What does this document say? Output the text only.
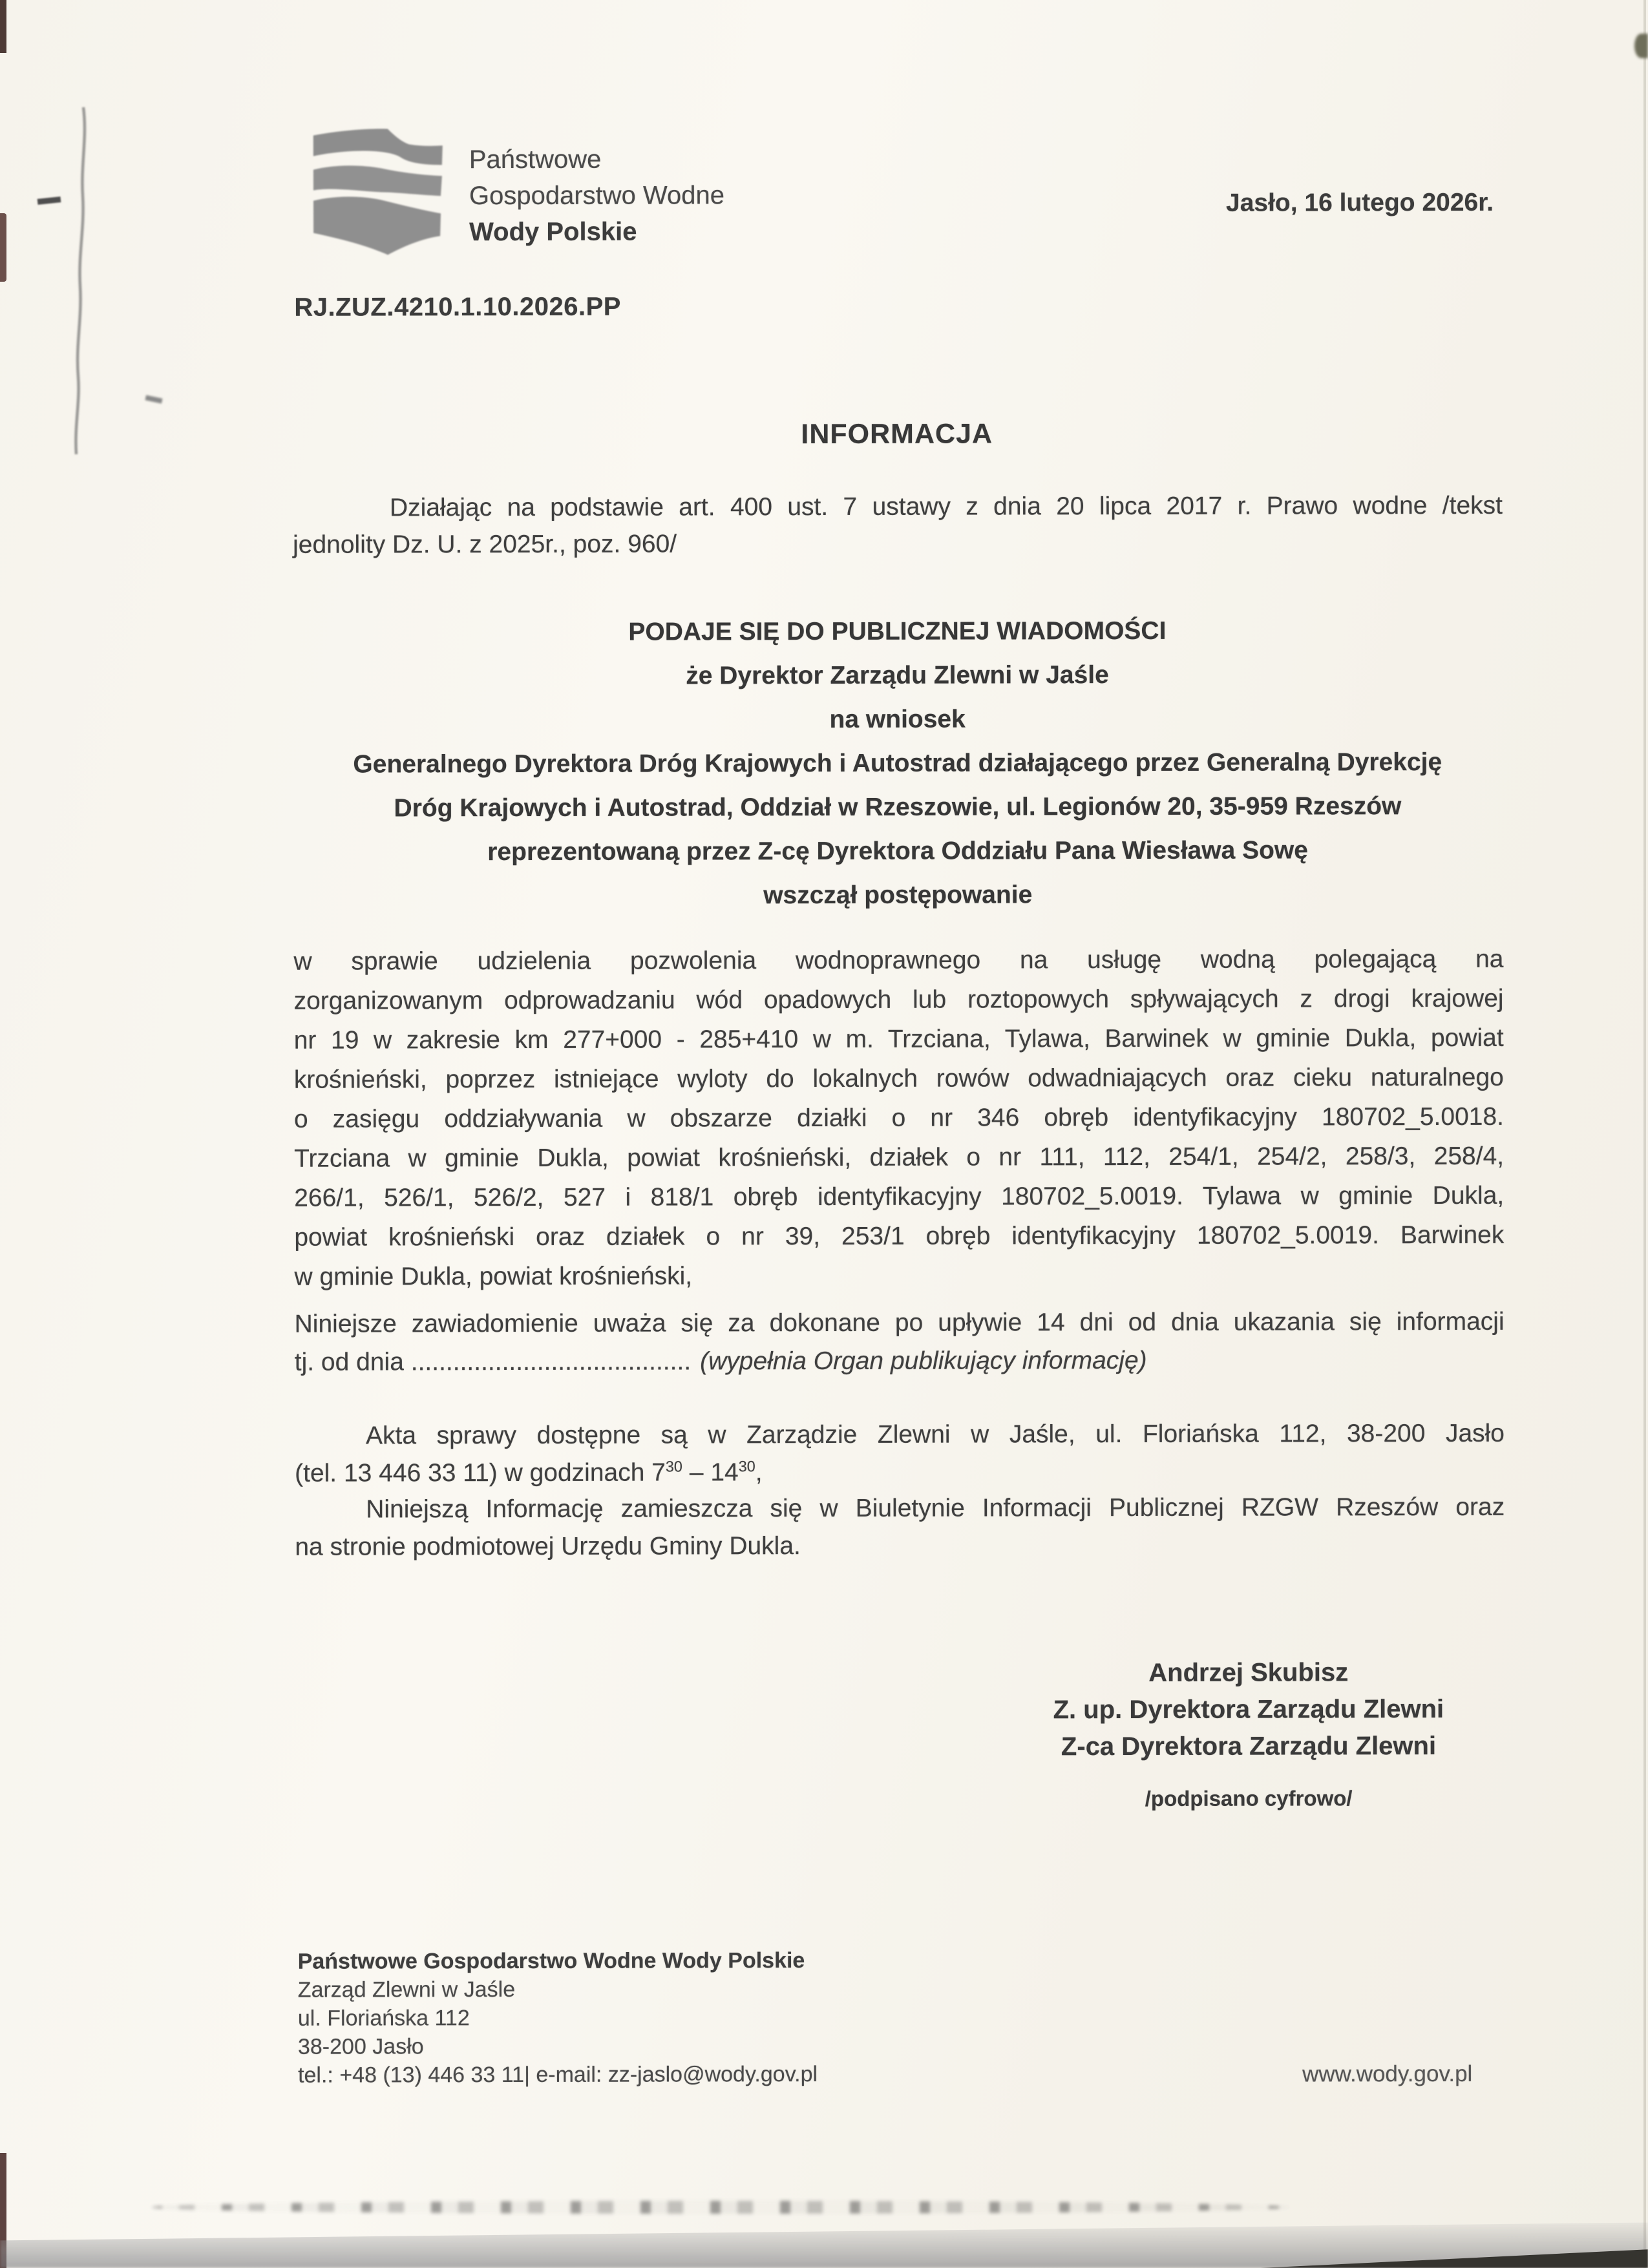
Państwowe
Gospodarstwo Wodne
Wody Polskie
Jasło, 16 lutego 2026r.
RJ.ZUZ.4210.1.10.2026.PP
INFORMACJA
Działając na podstawie art. 400 ust. 7 ustawy z dnia 20 lipca 2017 r. Prawo wodne /tekst
jednolity Dz. U. z 2025r., poz. 960/
PODAJE SIĘ DO PUBLICZNEJ WIADOMOŚCI
że Dyrektor Zarządu Zlewni w Jaśle
na wniosek
Generalnego Dyrektora Dróg Krajowych i Autostrad działającego przez Generalną Dyrekcję
Dróg Krajowych i Autostrad, Oddział w Rzeszowie, ul. Legionów 20, 35-959 Rzeszów
reprezentowaną przez Z-cę Dyrektora Oddziału Pana Wiesława Sowę
wszczął postępowanie
w sprawie udzielenia pozwolenia wodnoprawnego na usługę wodną polegającą na
zorganizowanym odprowadzaniu wód opadowych lub roztopowych spływających z drogi krajowej
nr 19 w zakresie km 277+000 - 285+410 w m. Trzciana, Tylawa, Barwinek w gminie Dukla, powiat
krośnieński, poprzez istniejące wyloty do lokalnych rowów odwadniających oraz cieku naturalnego
o zasięgu oddziaływania w obszarze działki o nr 346 obręb identyfikacyjny 180702_5.0018.
Trzciana w gminie Dukla, powiat krośnieński, działek o nr 111, 112, 254/1, 254/2, 258/3, 258/4,
266/1, 526/1, 526/2, 527 i 818/1 obręb identyfikacyjny 180702_5.0019. Tylawa w gminie Dukla,
powiat krośnieński oraz działek o nr 39, 253/1 obręb identyfikacyjny 180702_5.0019. Barwinek
w gminie Dukla, powiat krośnieński,
Niniejsze zawiadomienie uważa się za dokonane po upływie 14 dni od dnia ukazania się informacji
tj. od dnia ........................................ (wypełnia Organ publikujący informację)
Akta sprawy dostępne są w Zarządzie Zlewni w Jaśle, ul. Floriańska 112, 38-200 Jasło
(tel. 13 446 33 11) w godzinach $7^{30} - 14^{30}$,
Niniejszą Informację zamieszcza się w Biuletynie Informacji Publicznej RZGW Rzeszów oraz
na stronie podmiotowej Urzędu Gminy Dukla.
Andrzej Skubisz
Z. up. Dyrektora Zarządu Zlewni
Z-ca Dyrektora Zarządu Zlewni
/podpisano cyfrowo/
Państwowe Gospodarstwo Wodne Wody Polskie
Zarząd Zlewni w Jaśle
ul. Floriańska 112
38-200 Jasło
tel.: +48 (13) 446 33 11| e-mail: zz-jaslo@wody.gov.pl	www.wody.gov.pl
